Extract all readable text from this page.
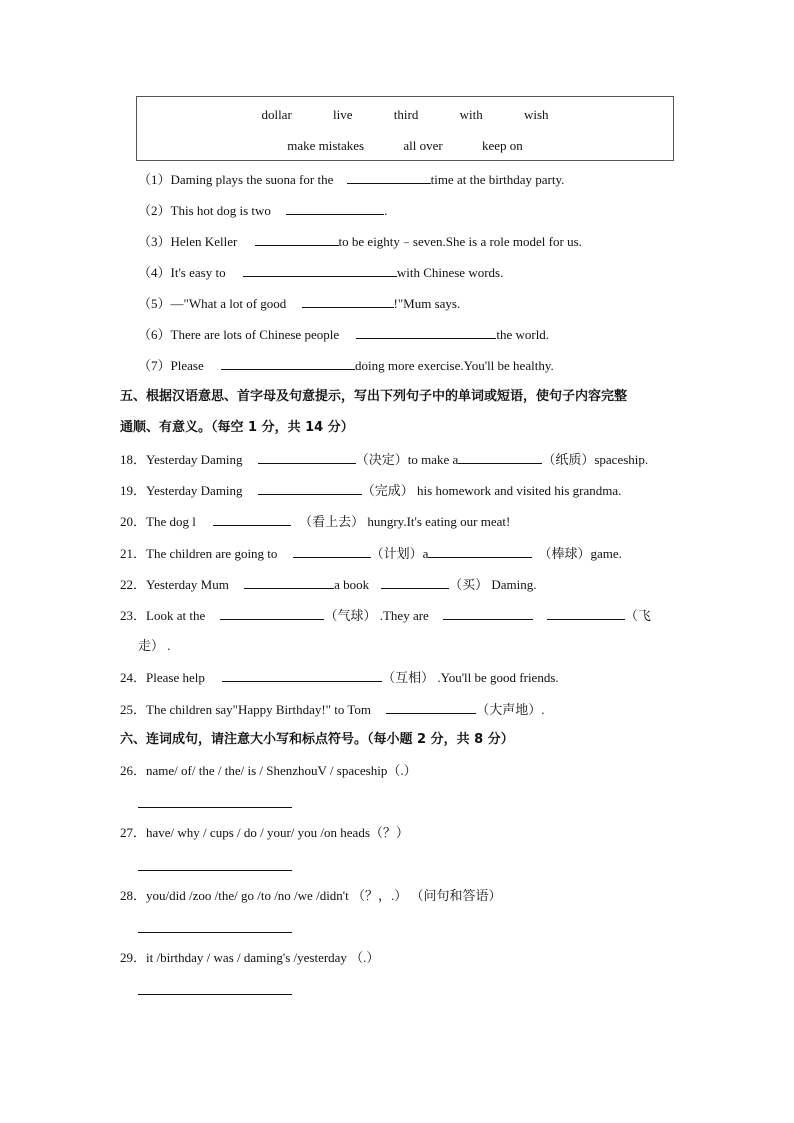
dollar	live	third	with	wish
make mistakes	all over	keep on
（1）Daming plays the suona for the	time at the birthday party.
（2）This hot dog is two	.
（3）Helen Keller	to be eighty﹣seven.She is a role model for us.
（4）It's easy to	with Chinese words.
（5）—"What a lot of good	!"Mum says.
（6）There are lots of Chinese people	the world.
（7）Please	doing more exercise.You'll be healthy.
五、根据汉语意思、首字母及句意提示，写出下列句子中的单词或短语，使句子内容完整
通顺、有意义。（每空 1 分，共 14 分）
18．Yesterday Daming	（决定）to make a	（纸质）spaceship.
19．Yesterday Daming	（完成） his homework and visited his grandma.
20．The dog l	（看上去） hungry.It's eating our meat!
21．The children are going to	（计划）a	（棒球）game.
22．Yesterday Mum	a book	（买） Daming.
23．Look at the	（气球） .They are	（飞
走） .
24．Please help	（互相） .You'll be good friends.
25．The children say"Happy Birthday!" to Tom	（大声地）.
六、连词成句，请注意大小写和标点符号。（每小题 2 分，共 8 分）
26．name/ of/ the / the/ is / ShenzhouV / spaceship（.）
27．have/ why / cups / do / your/ you /on heads（？）
28．you/did /zoo /the/ go /to /no /we /didn't （？，.） （问句和答语）
29．it /birthday / was / daming's /yesterday （.）
